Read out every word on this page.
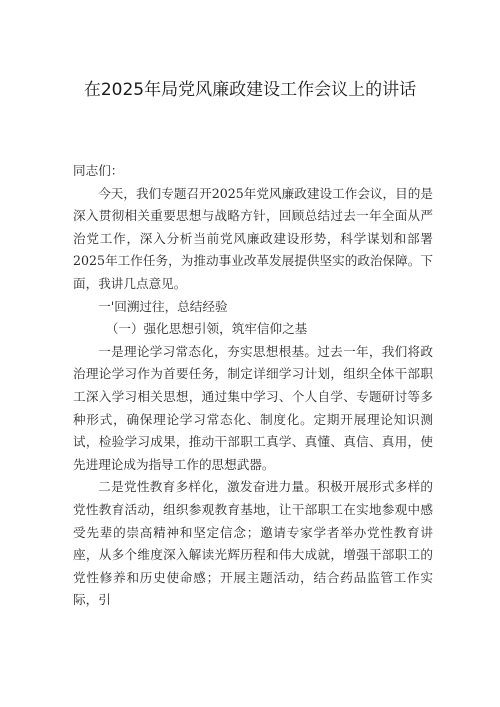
在2025年局党风廉政建设工作会议上的讲话

同志们：

今天，我们专题召开2025年党风廉政建设工作会议，目的是深入贯彻相关重要思想与战略方针，回顾总结过去一年全面从严治党工作，深入分析当前党风廉政建设形势，科学谋划和部署2025年工作任务，为推动事业改革发展提供坚实的政治保障。下面，我讲几点意见。

一'回溯过往，总结经验

（一）强化思想引领，筑牢信仰之基

一是理论学习常态化，夯实思想根基。过去一年，我们将政治理论学习作为首要任务，制定详细学习计划，组织全体干部职工深入学习相关思想，通过集中学习、个人自学、专题研讨等多种形式，确保理论学习常态化、制度化。定期开展理论知识测试，检验学习成果，推动干部职工真学、真懂、真信、真用，使先进理论成为指导工作的思想武器。

二是党性教育多样化，激发奋进力量。积极开展形式多样的党性教育活动，组织参观教育基地，让干部职工在实地参观中感受先辈的崇高精神和坚定信念；邀请专家学者举办党性教育讲座，从多个维度深入解读光辉历程和伟大成就，增强干部职工的党性修养和历史使命感；开展主题活动，结合药品监管工作实际，引
